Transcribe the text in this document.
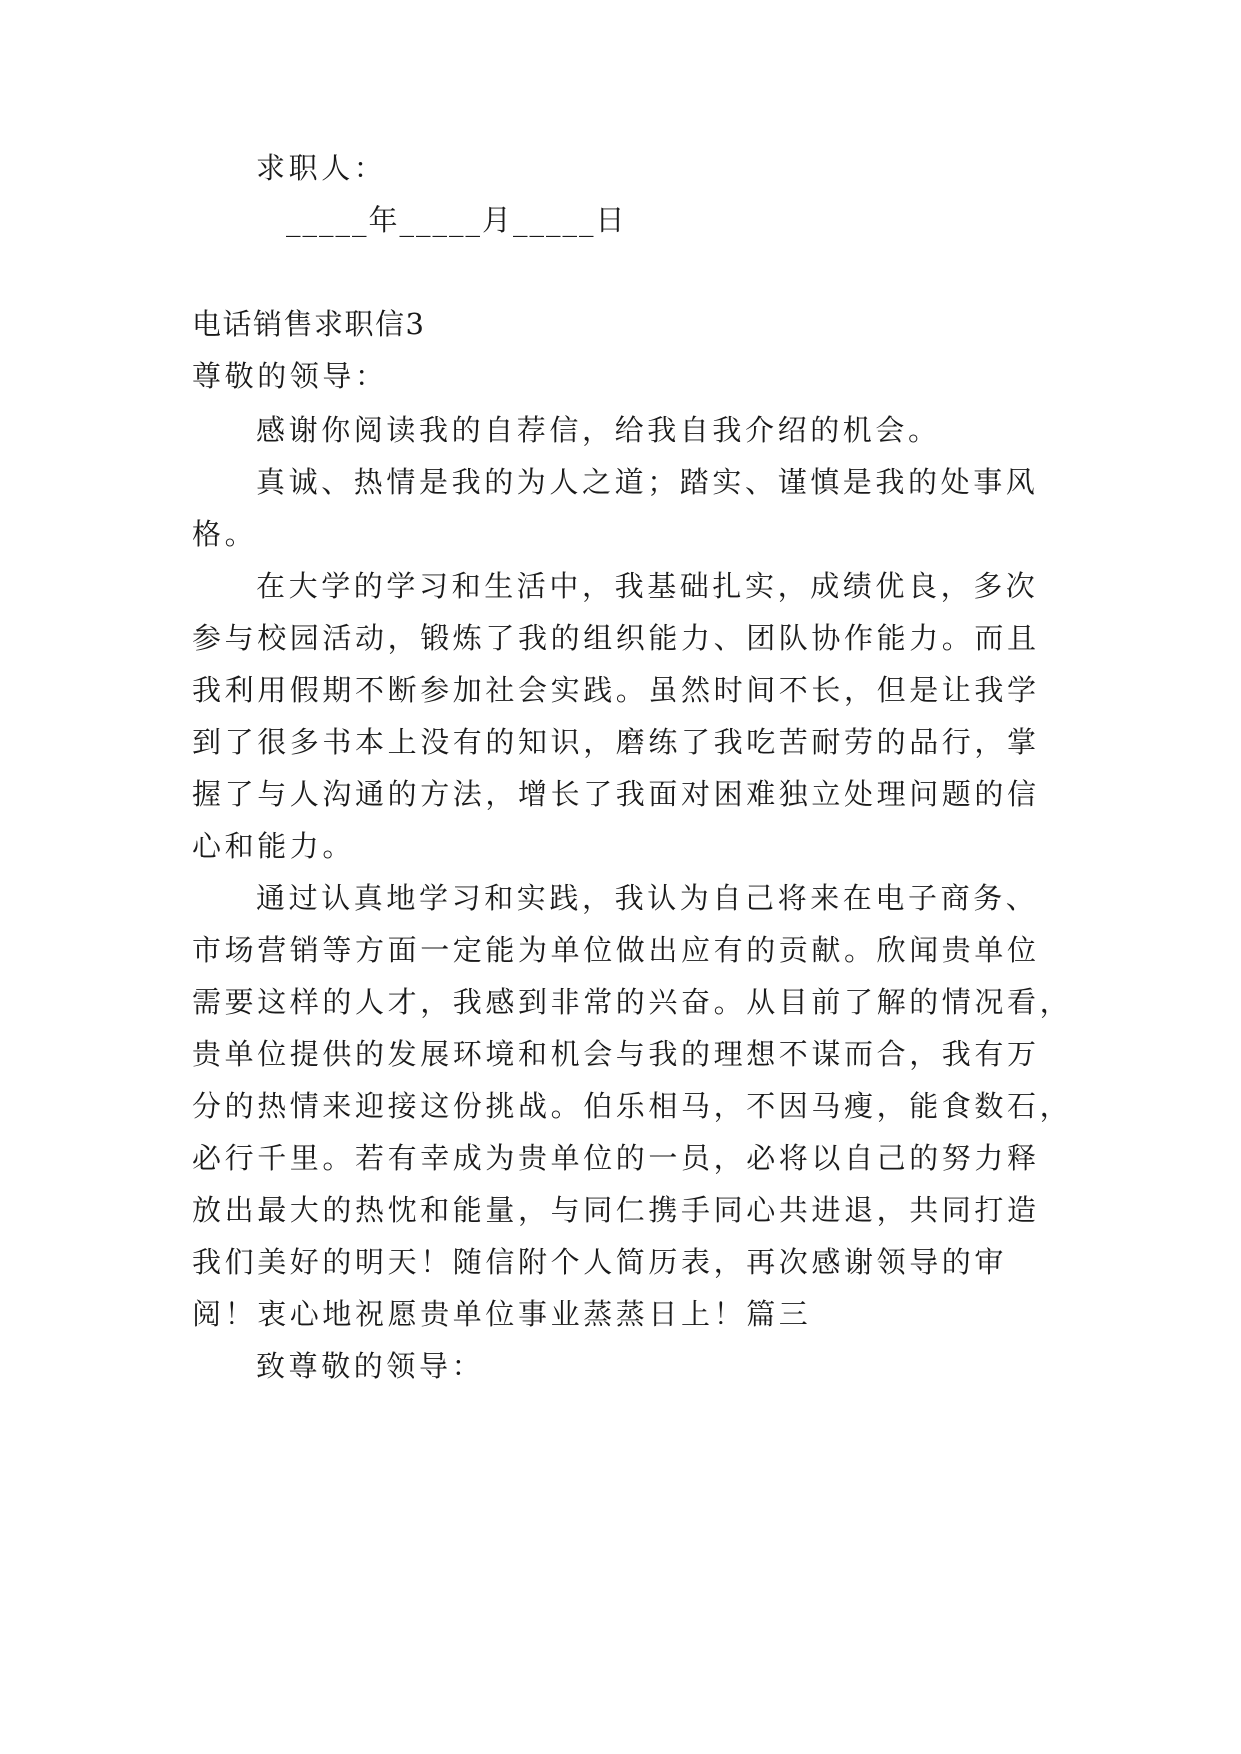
求职人：
_____年_____月_____日
电话销售求职信3
尊敬的领导：
感谢你阅读我的自荐信，给我自我介绍的机会。
真诚、热情是我的为人之道；踏实、谨慎是我的处事风
格。
在大学的学习和生活中，我基础扎实，成绩优良，多次
参与校园活动，锻炼了我的组织能力、团队协作能力。而且
我利用假期不断参加社会实践。虽然时间不长，但是让我学
到了很多书本上没有的知识，磨练了我吃苦耐劳的品行，掌
握了与人沟通的方法，增长了我面对困难独立处理问题的信
心和能力。
通过认真地学习和实践，我认为自己将来在电子商务、
市场营销等方面一定能为单位做出应有的贡献。欣闻贵单位
需要这样的人才，我感到非常的兴奋。从目前了解的情况看，
贵单位提供的发展环境和机会与我的理想不谋而合，我有万
分的热情来迎接这份挑战。伯乐相马，不因马瘦，能食数石，
必行千里。若有幸成为贵单位的一员，必将以自己的努力释
放出最大的热忱和能量，与同仁携手同心共进退，共同打造
我们美好的明天！随信附个人简历表，再次感谢领导的审
阅！衷心地祝愿贵单位事业蒸蒸日上！篇三
致尊敬的领导：
